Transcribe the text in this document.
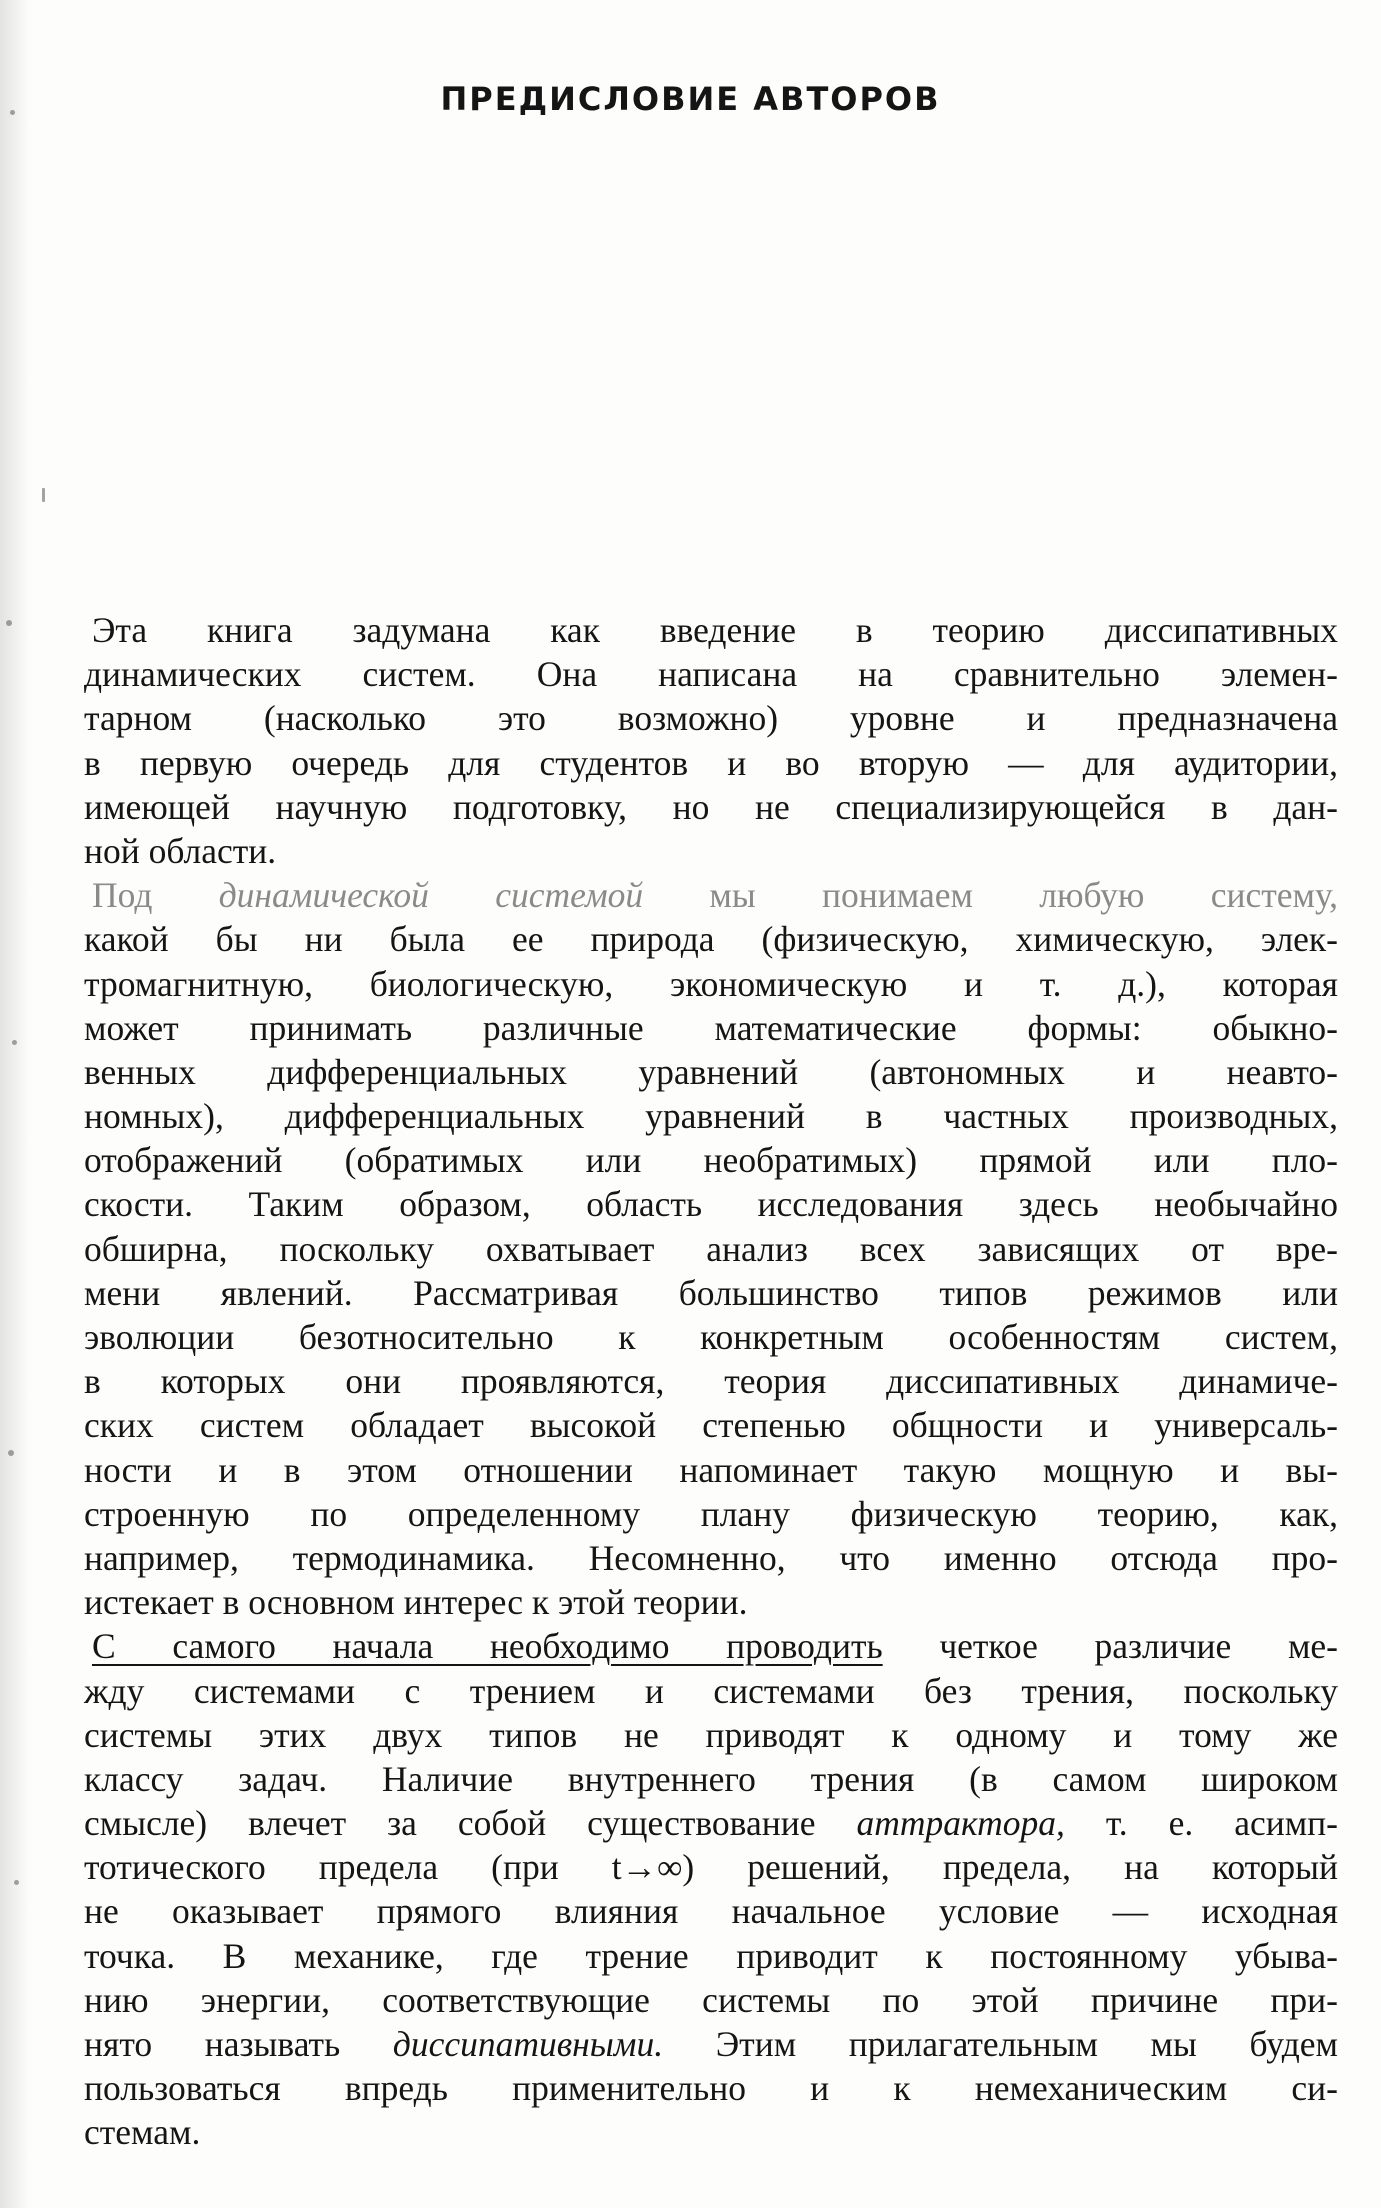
ПРЕДИСЛОВИЕ АВТОРОВ
Эта книга задумана как введение в теорию диссипативных
динамических систем. Она написана на сравнительно элемен-
тарном (насколько это возможно) уровне и предназначена
в первую очередь для студентов и во вторую — для аудитории,
имеющей научную подготовку, но не специализирующейся в дан-
ной области.
Под динамической системой мы понимаем любую систему,
какой бы ни была ее природа (физическую, химическую, элек-
тромагнитную, биологическую, экономическую и т. д.), которая
может принимать различные математические формы: обыкно-
венных дифференциальных уравнений (автономных и неавто-
номных), дифференциальных уравнений в частных производных,
отображений (обратимых или необратимых) прямой или пло-
скости. Таким образом, область исследования здесь необычайно
обширна, поскольку охватывает анализ всех зависящих от вре-
мени явлений. Рассматривая большинство типов режимов или
эволюции безотносительно к конкретным особенностям систем,
в которых они проявляются, теория диссипативных динамиче-
ских систем обладает высокой степенью общности и универсаль-
ности и в этом отношении напоминает такую мощную и вы-
строенную по определенному плану физическую теорию, как,
например, термодинамика. Несомненно, что именно отсюда про-
истекает в основном интерес к этой теории.
С самого начала необходимо проводить четкое различие ме-
жду системами с трением и системами без трения, поскольку
системы этих двух типов не приводят к одному и тому же
классу задач. Наличие внутреннего трения (в самом широком
смысле) влечет за собой существование аттрактора, т. е. асимп-
тотического предела (при t→∞) решений, предела, на который
не оказывает прямого влияния начальное условие — исходная
точка. В механике, где трение приводит к постоянному убыва-
нию энергии, соответствующие системы по этой причине при-
нято называть диссипативными. Этим прилагательным мы будем
пользоваться впредь применительно и к немеханическим си-
стемам.
